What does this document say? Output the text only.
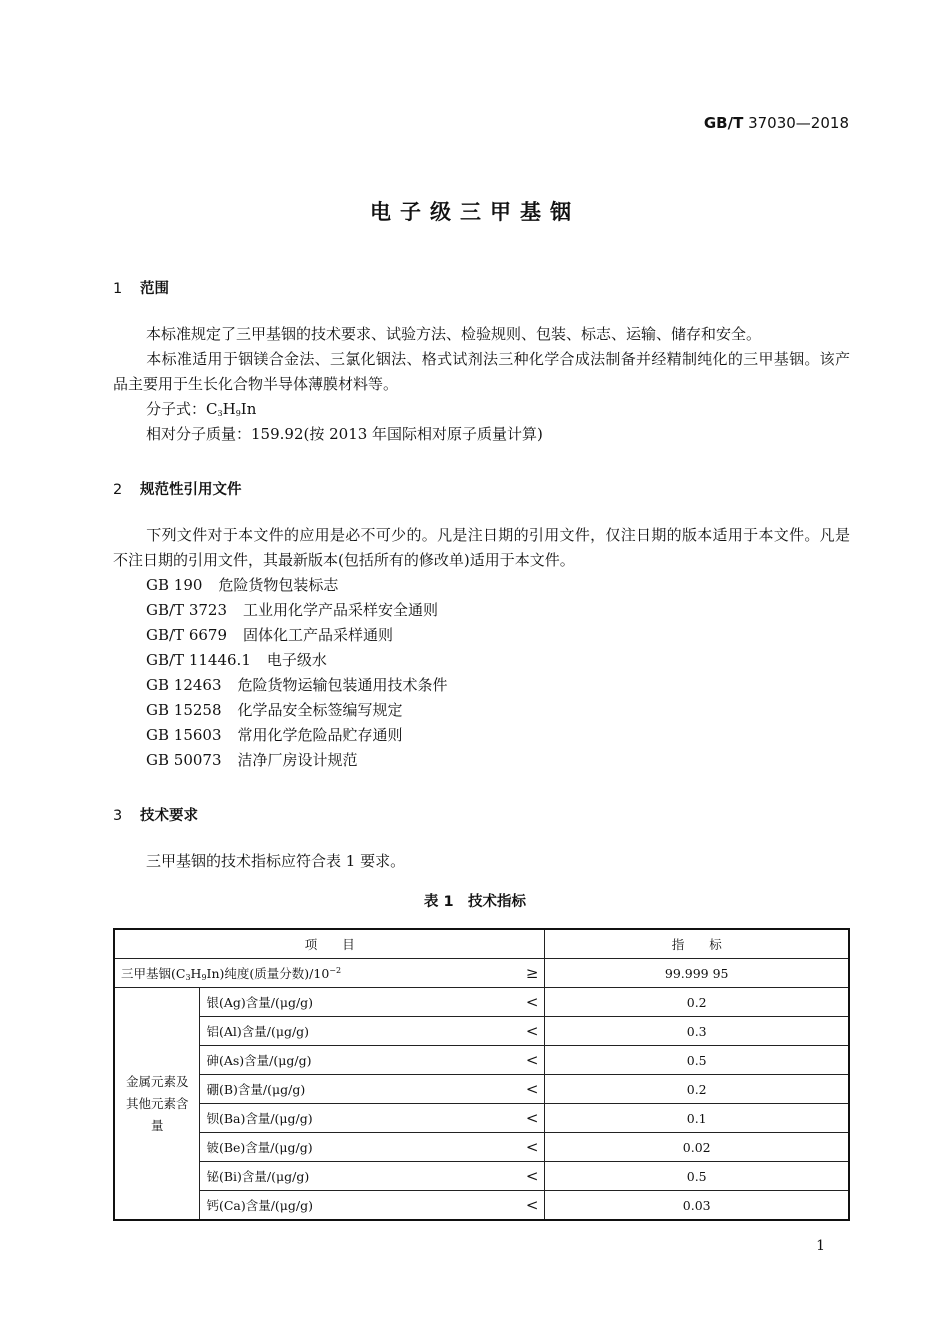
GB/T 37030—2018
电子级三甲基铟
1 范围
本标准规定了三甲基铟的技术要求、试验方法、检验规则、包装、标志、运输、储存和安全。
本标准适用于铟镁合金法、三氯化铟法、格式试剂法三种化学合成法制备并经精制纯化的三甲基铟。该产品主要用于生长化合物半导体薄膜材料等。
分子式：$C_3H_9In$
相对分子质量：159.92(按 2013 年国际相对原子质量计算)
2 规范性引用文件
下列文件对于本文件的应用是必不可少的。凡是注日期的引用文件，仅注日期的版本适用于本文件。凡是不注日期的引用文件，其最新版本(包括所有的修改单)适用于本文件。
GB 190 危险货物包装标志
GB/T 3723 工业用化学产品采样安全通则
GB/T 6679 固体化工产品采样通则
GB/T 11446.1 电子级水
GB 12463 危险货物运输包装通用技术条件
GB 15258 化学品安全标签编写规定
GB 15603 常用化学危险品贮存通则
GB 50073 洁净厂房设计规范
3 技术要求
三甲基铟的技术指标应符合表 1 要求。
表 1　技术指标
项　　目		指　　标
三甲基铟$(C_3H_9In)$纯度(质量分数)$/10^{-2}$ ≥		99.999 95

金属元素及其他元素含量	银(Ag)含量/(μg/g) <	0.2
	铝(Al)含量/(μg/g) <	0.3
	砷(As)含量/(μg/g) <	0.5
	硼(B)含量/(μg/g) <	0.2
	钡(Ba)含量/(μg/g) <	0.1
	铍(Be)含量/(μg/g) <	0.02
	铋(Bi)含量/(μg/g) <	0.5
	钙(Ca)含量/(μg/g) <	0.03
1
